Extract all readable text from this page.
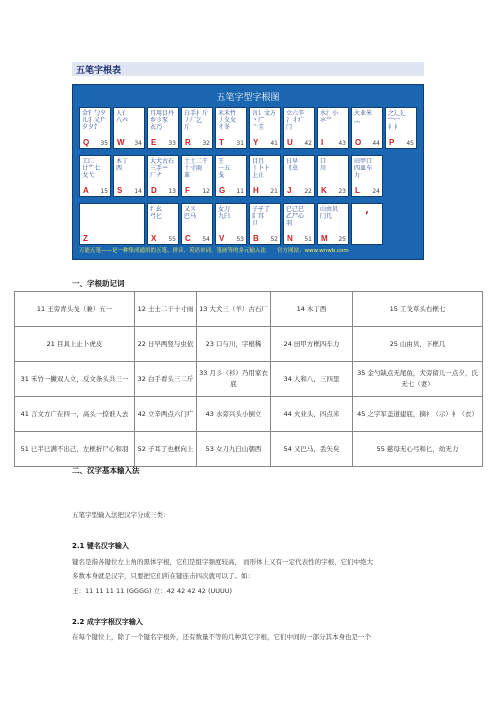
五笔字根表
五笔字型字根图
万能五笔——是一种集成通用的五笔、拼音、英语单词、笔画等的多元输入法　　官方网站：www.wnwb.com
金钅勹夕
儿犭乂厃
夕夕饣
Q 35
人亻
八癶
W 34
月用目丹
乡彡豕
衣乃
E 33
白手扌斤
丿厂乞
斤
R 32
禾禾竹
丿夂攵
彳冬
T 31
言讠文方
丶广
亠圭
Y 41
立六辛
冫丬疒
门
U 42
水氵小
氺⺌

I	43
火业米
灬

O 44
之辶廴
宀冖
礻衤
P 45
工匚
廿艹七
戈弋
A 15
木丁
西
S 14
大犬古石
三手䒑
厂ナ
D 13
土士二干
十寸雨
革
F 12
王
一五
戋
G 11
目且
丨卜⺊
上止
H 21
日早
刂虫

J 22
口
川
K 23
田甲口
四皿车
力
L 24
Z
纟幺
弓匕

X 55
又ス
巴马

C 54
女刀
九臼

V 53
子孑了
阝耳
卩
B 52
已己巳
乙尸心
羽
N 51
山由贝
冂几

M 25
,
一、字根助记词
11 王旁青头戋（兼）五一	12 土士二干十寸雨	13 大犬三（羊）古石厂	14 木丁西	15 工戈草头右框七
21 目具上止卜虎皮	22 日早两竖与虫依	23 口与川，字根稀	24 田甲方框四车力	25 山由贝，下框几
31 禾竹一撇双人立，反文条头共三一	32 白手看头三二斤	33 月彡（衫）乃用家衣底	34 人和八，三四里	35 金勺缺点无尾鱼，犬旁留儿一点夕，氏无七（妻）
41 言文方广在四一，高头一捺谁人去	42 立辛两点六门疒	43 水旁兴头小倒立	44 火业头，四点米	45 之字军盖道建底，摘礻（示）衤（衣）
51 已半巳满不出己，左框折尸心和羽	52 子耳了也框向上	53 女刀九臼山朝西	54 又巴马，丢矢矣	55 慈母无心弓和匕，幼无力
二、汉字基本输入法
五笔字型输入法把汉字分成三类：
2.1 键名汉字输入
键名是指各键位左上角的黑体字根，它们是组字频度较高， 而形体上又有一定代表性的字根，它们中绝大
多数本身就是汉字，只要把它们所在键连击四次就可以了。如：
王：11 11 11 11 (GGGG) 立：42 42 42 42 (UUUU)
2.2 成字字根汉字输入
在每个键位上，除了一个键名字根外，还有数量不等的几种其它字根，它们中间的一部分其本身也是一个
